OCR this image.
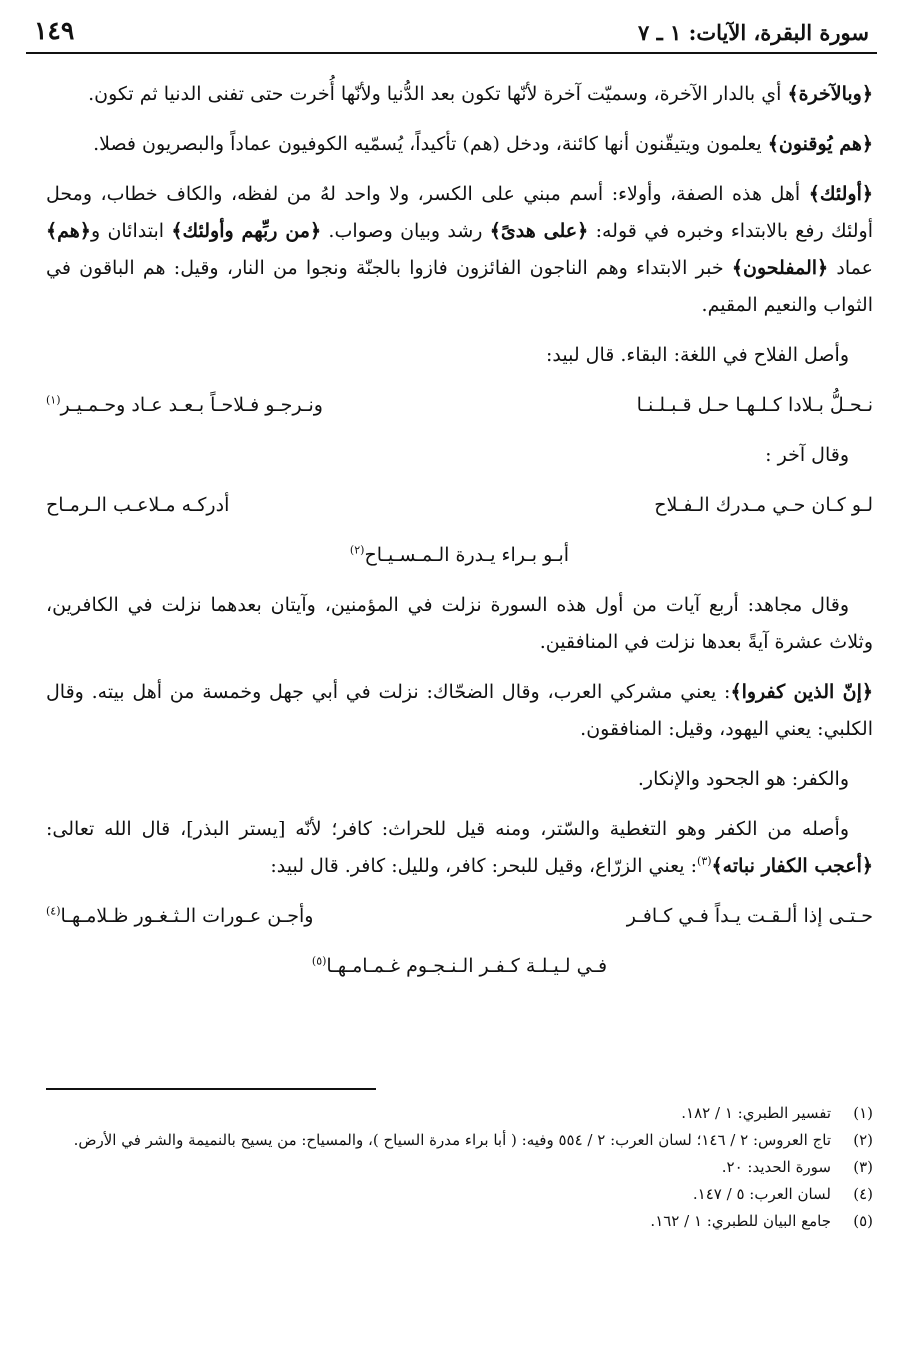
سورة البقرة، الآيات: ١ ـ ٧
١٤٩

﴿وبالآخرة﴾ أي بالدار الآخرة، وسميّت آخرة لأنّها تكون بعد الدُّنيا ولأنّها أُخرت حتى تفنى الدنيا ثم تكون.

﴿هم يُوقنون﴾ يعلمون ويتيقّنون أنها كائنة، ودخل (هم) تأكيداً، يُسمّيه الكوفيون عماداً والبصريون فصلا.

﴿أولئك﴾ أهل هذه الصفة، وأولاء: أسم مبني على الكسر، ولا واحد لهُ من لفظه، والكاف خطاب، ومحل أولئك رفع بالابتداء وخبره في قوله: ﴿على هدىً﴾ رشد وبيان وصواب. ﴿من ربِّهم وأولئك﴾ ابتدائان و﴿هم﴾ عماد ﴿المفلحون﴾ خبر الابتداء وهم الناجون الفائزون فازوا بالجنّة ونجوا من النار، وقيل: هم الباقون في الثواب والنعيم المقيم.

وأصل الفلاح في اللغة: البقاء. قال لبيد:

نـحـلُّ بـلادا كـلـهـا حـل قـبـلـنـا
ونـرجـو فـلاحـاً بـعـد عـاد وحـمـيـر$^{(١)}$

وقال آخر :

لـو كـان حـي مـدرك الـفـلاح
أدركـه مـلاعـب الـرمـاح
أبـو بـراء يـدرة الـمـسـيـاح$^{(٢)}$

وقال مجاهد: أربع آيات من أول هذه السورة نزلت في المؤمنين، وآيتان بعدهما نزلت في الكافرين، وثلاث عشرة آيةً بعدها نزلت في المنافقين.

﴿إنّ الذين كفروا﴾: يعني مشركي العرب، وقال الضحّاك: نزلت في أبي جهل وخمسة من أهل بيته. وقال الكلبي: يعني اليهود، وقيل: المنافقون.

والكفر: هو الجحود والإنكار.

وأصله من الكفر وهو التغطية والسّتر، ومنه قيل للحراث: كافر؛ لأنّه [يستر البذر]، قال الله تعالى: ﴿أعجب الكفار نباته﴾$^{(٣)}$: يعني الزرّاع، وقيل للبحر: كافر، ولليل: كافر. قال لبيد:

حـتـى إذا ألـقـت يـداً فـي كـافـر
وأجـن عـورات الـثـغـور ظـلامـهـا$^{(٤)}$
فـي لـيـلـة كـفـر الـنـجـوم غـمـامـهـا$^{(٥)}$
(١)
تفسير الطبري: ١ / ١٨٢.
(٢)
تاج العروس: ٢ / ١٤٦؛ لسان العرب: ٢ / ٥٥٤ وفيه: ( أبا براء مدرة السياح )، والمسياح: من يسيح بالنميمة والشر في الأرض.
(٣)
سورة الحديد: ٢٠.
(٤)
لسان العرب: ٥ / ١٤٧.
(٥)
جامع البيان للطبري: ١ / ١٦٢.
